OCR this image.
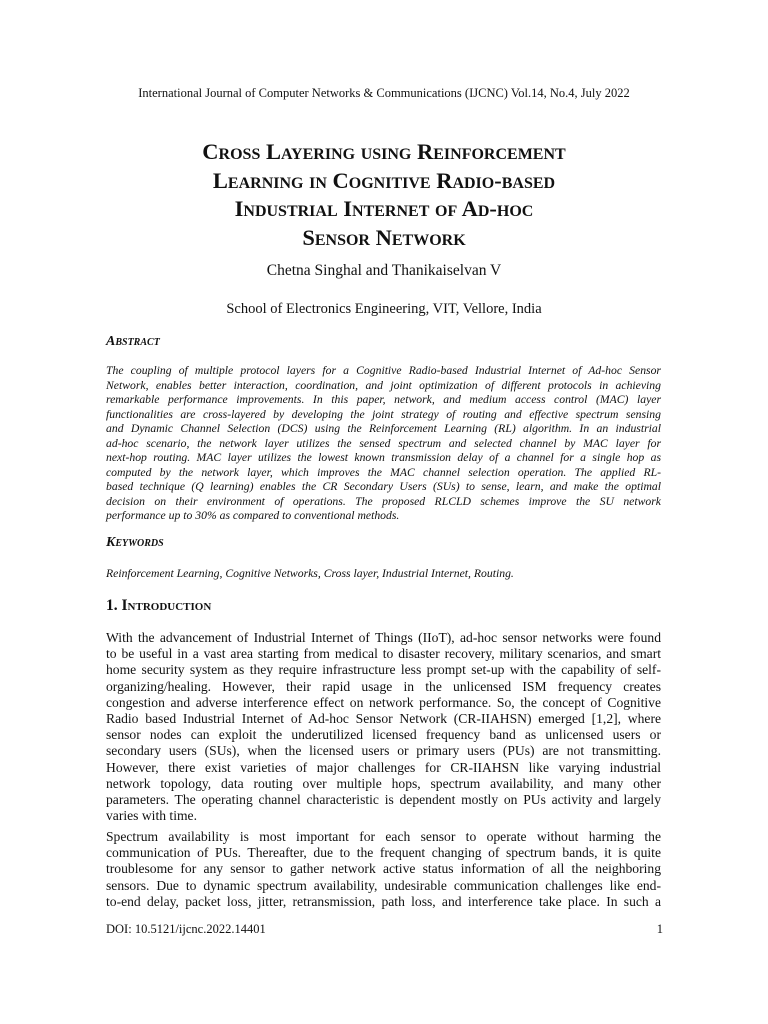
International Journal of Computer Networks & Communications (IJCNC) Vol.14, No.4, July 2022
Cross Layering using Reinforcement
Learning in Cognitive Radio-based
Industrial Internet of Ad-hoc
Sensor Network
Chetna Singhal and Thanikaiselvan V
School of Electronics Engineering, VIT, Vellore, India
Abstract

The coupling of multiple protocol layers for a Cognitive Radio-based Industrial Internet of Ad-hoc Sensor
Network, enables better interaction, coordination, and joint optimization of different protocols in achieving
remarkable performance improvements. In this paper, network, and medium access control (MAC) layer
functionalities are cross-layered by developing the joint strategy of routing and effective spectrum sensing
and Dynamic Channel Selection (DCS) using the Reinforcement Learning (RL) algorithm. In an industrial
ad-hoc scenario, the network layer utilizes the sensed spectrum and selected channel by MAC layer for
next-hop routing. MAC layer utilizes the lowest known transmission delay of a channel for a single hop as
computed by the network layer, which improves the MAC channel selection operation. The applied RL-
based technique (Q learning) enables the CR Secondary Users (SUs) to sense, learn, and make the optimal
decision on their environment of operations. The proposed RLCLD schemes improve the SU network
performance up to 30% as compared to conventional methods.

Keywords

Reinforcement Learning, Cognitive Networks, Cross layer, Industrial Internet, Routing.

1. Introduction

With the advancement of Industrial Internet of Things (IIoT), ad-hoc sensor networks were found
to be useful in a vast area starting from medical to disaster recovery, military scenarios, and smart
home security system as they require infrastructure less prompt set-up with the capability of self-
organizing/healing. However, their rapid usage in the unlicensed ISM frequency creates
congestion and adverse interference effect on network performance. So, the concept of Cognitive
Radio based Industrial Internet of Ad-hoc Sensor Network (CR-IIAHSN) emerged [1,2], where
sensor nodes can exploit the underutilized licensed frequency band as unlicensed users or
secondary users (SUs), when the licensed users or primary users (PUs) are not transmitting.
However, there exist varieties of major challenges for CR-IIAHSN like varying industrial
network topology, data routing over multiple hops, spectrum availability, and many other
parameters. The operating channel characteristic is dependent mostly on PUs activity and largely
varies with time.

Spectrum availability is most important for each sensor to operate without harming the
communication of PUs. Thereafter, due to the frequent changing of spectrum bands, it is quite
troublesome for any sensor to gather network active status information of all the neighboring
sensors. Due to dynamic spectrum availability, undesirable communication challenges like end-
to-end delay, packet loss, jitter, retransmission, path loss, and interference take place. In such a

DOI: 10.5121/ijcnc.2022.14401	1
